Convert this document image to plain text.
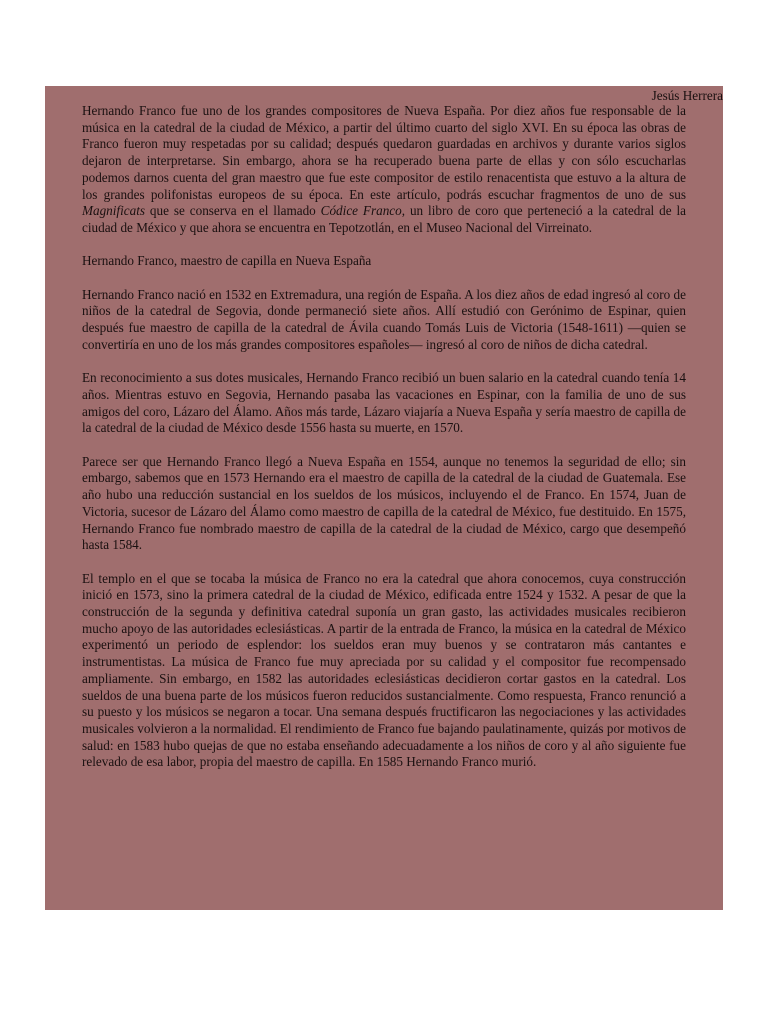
Jesús Herrera

Hernando Franco fue uno de los grandes compositores de Nueva España. Por diez años fue responsable de la música en la catedral de la ciudad de México, a partir del último cuarto del siglo XVI. En su época las obras de Franco fueron muy respetadas por su calidad; después quedaron guardadas en archivos y durante varios siglos dejaron de interpretarse. Sin embargo, ahora se ha recuperado buena parte de ellas y con sólo escucharlas podemos darnos cuenta del gran maestro que fue este compositor de estilo renacentista que estuvo a la altura de los grandes polifonistas europeos de su época. En este artículo, podrás escuchar fragmentos de uno de sus Magnificats que se conserva en el llamado Códice Franco, un libro de coro que perteneció a la catedral de la ciudad de México y que ahora se encuentra en Tepotzotlán, en el Museo Nacional del Virreinato.

Hernando Franco, maestro de capilla en Nueva España

Hernando Franco nació en 1532 en Extremadura, una región de España. A los diez años de edad ingresó al coro de niños de la catedral de Segovia, donde permaneció siete años. Allí estudió con Gerónimo de Espinar, quien después fue maestro de capilla de la catedral de Ávila cuando Tomás Luis de Victoria (1548-1611) —quien se convertiría en uno de los más grandes compositores españoles— ingresó al coro de niños de dicha catedral.

En reconocimiento a sus dotes musicales, Hernando Franco recibió un buen salario en la catedral cuando tenía 14 años. Mientras estuvo en Segovia, Hernando pasaba las vacaciones en Espinar, con la familia de uno de sus amigos del coro, Lázaro del Álamo. Años más tarde, Lázaro viajaría a Nueva España y sería maestro de capilla de la catedral de la ciudad de México desde 1556 hasta su muerte, en 1570.

Parece ser que Hernando Franco llegó a Nueva España en 1554, aunque no tenemos la seguridad de ello; sin embargo, sabemos que en 1573 Hernando era el maestro de capilla de la catedral de la ciudad de Guatemala. Ese año hubo una reducción sustancial en los sueldos de los músicos, incluyendo el de Franco. En 1574, Juan de Victoria, sucesor de Lázaro del Álamo como maestro de capilla de la catedral de México, fue destituido. En 1575, Hernando Franco fue nombrado maestro de capilla de la catedral de la ciudad de México, cargo que desempeñó hasta 1584.

El templo en el que se tocaba la música de Franco no era la catedral que ahora conocemos, cuya construcción inició en 1573, sino la primera catedral de la ciudad de México, edificada entre 1524 y 1532. A pesar de que la construcción de la segunda y definitiva catedral suponía un gran gasto, las actividades musicales recibieron mucho apoyo de las autoridades eclesiásticas. A partir de la entrada de Franco, la música en la catedral de México experimentó un periodo de esplendor: los sueldos eran muy buenos y se contrataron más cantantes e instrumentistas. La música de Franco fue muy apreciada por su calidad y el compositor fue recompensado ampliamente. Sin embargo, en 1582 las autoridades eclesiásticas decidieron cortar gastos en la catedral. Los sueldos de una buena parte de los músicos fueron reducidos sustancialmente. Como respuesta, Franco renunció a su puesto y los músicos se negaron a tocar. Una semana después fructificaron las negociaciones y las actividades musicales volvieron a la normalidad. El rendimiento de Franco fue bajando paulatinamente, quizás por motivos de salud: en 1583 hubo quejas de que no estaba enseñando adecuadamente a los niños de coro y al año siguiente fue relevado de esa labor, propia del maestro de capilla. En 1585 Hernando Franco murió.
